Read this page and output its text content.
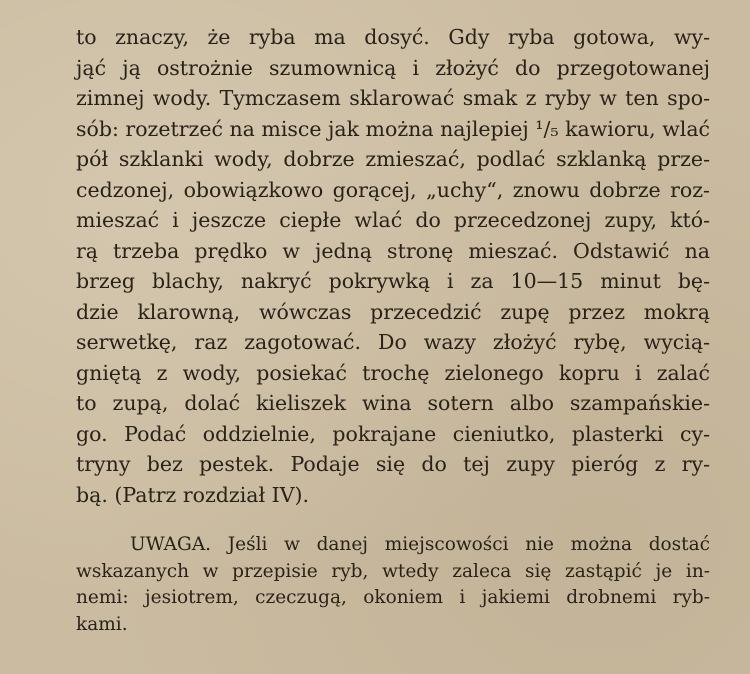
to znaczy, że ryba ma dosyć. Gdy ryba gotowa, wy-
jąć ją ostrożnie szumownicą i złożyć do przegotowanej
zimnej wody. Tymczasem sklarować smak z ryby w ten spo-
sób: rozetrzeć na misce jak można najlepiej ¹/₅ kawioru, wlać
pół szklanki wody, dobrze zmieszać, podlać szklanką prze-
cedzonej, obowiązkowo gorącej, „uchy“, znowu dobrze roz-
mieszać i jeszcze ciepłe wlać do przecedzonej zupy, któ-
rą trzeba prędko w jedną stronę mieszać. Odstawić na
brzeg blachy, nakryć pokrywką i za 10—15 minut bę-
dzie klarowną, wówczas przecedzić zupę przez mokrą
serwetkę, raz zagotować. Do wazy złożyć rybę, wycią-
gniętą z wody, posiekać trochę zielonego kopru i zalać
to zupą, dolać kieliszek wina sotern albo szampańskie-
go. Podać oddzielnie, pokrajane cieniutko, plasterki cy-
tryny bez pestek. Podaje się do tej zupy pieróg z ry-
bą. (Patrz rozdział IV).
UWAGA. Jeśli w danej miejscowości nie można dostać
wskazanych w przepisie ryb, wtedy zaleca się zastąpić je in-
nemi: jesiotrem, czeczugą, okoniem i jakiemi drobnemi ryb-
kami.
